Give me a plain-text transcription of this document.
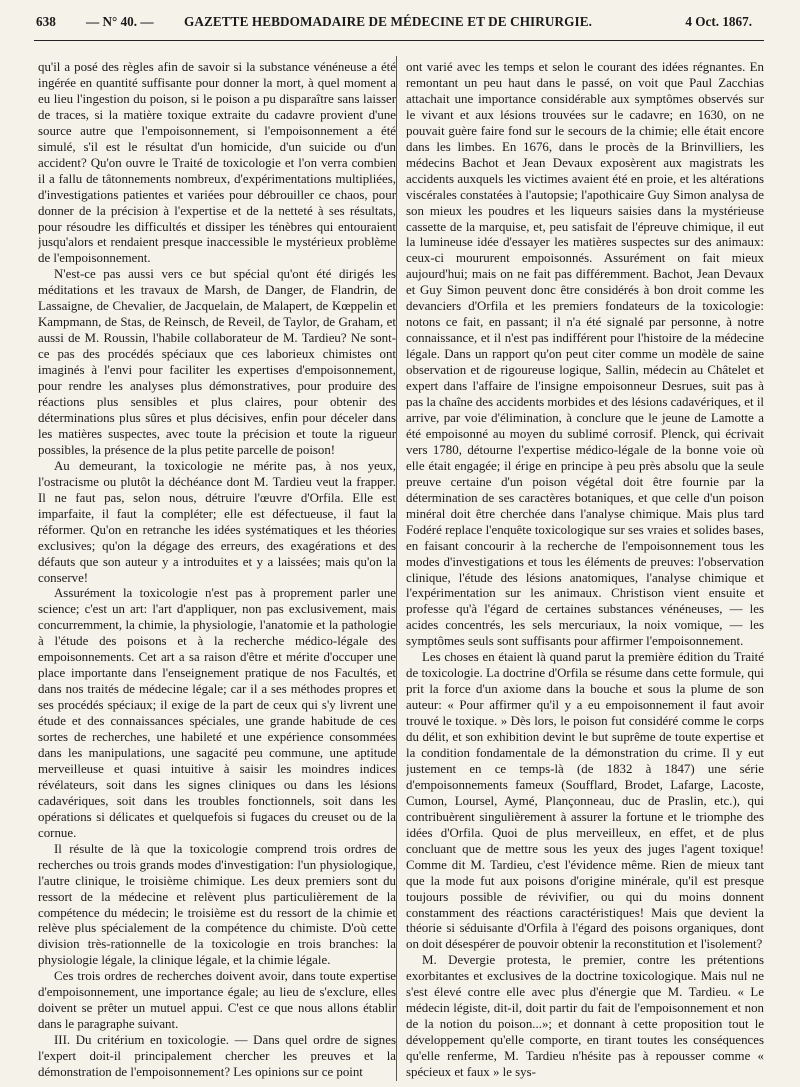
638 — N° 40. — GAZETTE HEBDOMADAIRE DE MÉDECINE ET DE CHIRURGIE.	4 Oct. 1867.

qu'il a posé des règles afin de savoir si la substance vénéneuse a été ingérée en quantité suffisante pour donner la mort, à quel moment a eu lieu l'ingestion du poison, si le poison a pu disparaître sans laisser de traces, si la matière toxique extraite du cadavre provient d'une source autre que l'empoisonnement, si l'empoisonnement a été simulé, s'il est le résultat d'un homicide, d'un suicide ou d'un accident? Qu'on ouvre le Traité de toxicologie et l'on verra combien il a fallu de tâtonnements nombreux, d'expérimentations multipliées, d'investigations patientes et variées pour débrouiller ce chaos, pour donner de la précision à l'expertise et de la netteté à ses résultats, pour résoudre les difficultés et dissiper les ténèbres qui entouraient jusqu'alors et rendaient presque inaccessible le mystérieux problème de l'empoisonnement.

N'est-ce pas aussi vers ce but spécial qu'ont été dirigés les méditations et les travaux de Marsh, de Danger, de Flandrin, de Lassaigne, de Chevalier, de Jacquelain, de Malapert, de Kœppelin et Kampmann, de Stas, de Reinsch, de Reveil, de Taylor, de Graham, et aussi de M. Roussin, l'habile collaborateur de M. Tardieu? Ne sont-ce pas des procédés spéciaux que ces laborieux chimistes ont imaginés à l'envi pour faciliter les expertises d'empoisonnement, pour rendre les analyses plus démonstratives, pour produire des réactions plus sensibles et plus claires, pour obtenir des déterminations plus sûres et plus décisives, enfin pour déceler dans les matières suspectes, avec toute la précision et toute la rigueur possibles, la présence de la plus petite parcelle de poison!

Au demeurant, la toxicologie ne mérite pas, à nos yeux, l'ostracisme ou plutôt la déchéance dont M. Tardieu veut la frapper. Il ne faut pas, selon nous, détruire l'œuvre d'Orfila. Elle est imparfaite, il faut la compléter; elle est défectueuse, il faut la réformer. Qu'on en retranche les idées systématiques et les théories exclusives; qu'on la dégage des erreurs, des exagérations et des défauts que son auteur y a introduites et y a laissées; mais qu'on la conserve!

Assurément la toxicologie n'est pas à proprement parler une science; c'est un art: l'art d'appliquer, non pas exclusivement, mais concurremment, la chimie, la physiologie, l'anatomie et la pathologie à l'étude des poisons et à la recherche médico-légale des empoisonnements. Cet art a sa raison d'être et mérite d'occuper une place importante dans l'enseignement pratique de nos Facultés, et dans nos traités de médecine légale; car il a ses méthodes propres et ses procédés spéciaux; il exige de la part de ceux qui s'y livrent une étude et des connaissances spéciales, une grande habitude de ces sortes de recherches, une habileté et une expérience consommées dans les manipulations, une sagacité peu commune, une aptitude merveilleuse et quasi intuitive à saisir les moindres indices révélateurs, soit dans les signes cliniques ou dans les lésions cadavériques, soit dans les troubles fonctionnels, soit dans les opérations si délicates et quelquefois si fugaces du creuset ou de la cornue.

Il résulte de là que la toxicologie comprend trois ordres de recherches ou trois grands modes d'investigation: l'un physiologique, l'autre clinique, le troisième chimique. Les deux premiers sont du ressort de la médecine et relèvent plus particulièrement de la compétence du médecin; le troisième est du ressort de la chimie et relève plus spécialement de la compétence du chimiste. D'où cette division très-rationnelle de la toxicologie en trois branches: la physiologie légale, la clinique légale, et la chimie légale.

Ces trois ordres de recherches doivent avoir, dans toute expertise d'empoisonnement, une importance égale; au lieu de s'exclure, elles doivent se prêter un mutuel appui. C'est ce que nous allons établir dans le paragraphe suivant.

III. Du critérium en toxicologie. — Dans quel ordre de signes l'expert doit-il principalement chercher les preuves et la démonstration de l'empoisonnement? Les opinions sur ce point

ont varié avec les temps et selon le courant des idées régnantes. En remontant un peu haut dans le passé, on voit que Paul Zacchias attachait une importance considérable aux symptômes observés sur le vivant et aux lésions trouvées sur le cadavre; en 1630, on ne pouvait guère faire fond sur le secours de la chimie; elle était encore dans les limbes. En 1676, dans le procès de la Brinvilliers, les médecins Bachot et Jean Devaux exposèrent aux magistrats les accidents auxquels les victimes avaient été en proie, et les altérations viscérales constatées à l'autopsie; l'apothicaire Guy Simon analysa de son mieux les poudres et les liqueurs saisies dans la mystérieuse cassette de la marquise, et, peu satisfait de l'épreuve chimique, il eut la lumineuse idée d'essayer les matières suspectes sur des animaux: ceux-ci moururent empoisonnés. Assurément on fait mieux aujourd'hui; mais on ne fait pas différemment. Bachot, Jean Devaux et Guy Simon peuvent donc être considérés à bon droit comme les devanciers d'Orfila et les premiers fondateurs de la toxicologie: notons ce fait, en passant; il n'a été signalé par personne, à notre connaissance, et il n'est pas indifférent pour l'histoire de la médecine légale. Dans un rapport qu'on peut citer comme un modèle de saine observation et de rigoureuse logique, Sallin, médecin au Châtelet et expert dans l'affaire de l'insigne empoisonneur Desrues, suit pas à pas la chaîne des accidents morbides et des lésions cadavériques, et il arrive, par voie d'élimination, à conclure que le jeune de Lamotte a été empoisonné au moyen du sublimé corrosif. Plenck, qui écrivait vers 1780, détourne l'expertise médico-légale de la bonne voie où elle était engagée; il érige en principe à peu près absolu que la seule preuve certaine d'un poison végétal doit être fournie par la détermination de ses caractères botaniques, et que celle d'un poison minéral doit être cherchée dans l'analyse chimique. Mais plus tard Fodéré replace l'enquête toxicologique sur ses vraies et solides bases, en faisant concourir à la recherche de l'empoisonnement tous les modes d'investigations et tous les éléments de preuves: l'observation clinique, l'étude des lésions anatomiques, l'analyse chimique et l'expérimentation sur les animaux. Christison vient ensuite et professe qu'à l'égard de certaines substances vénéneuses, — les acides concentrés, les sels mercuriaux, la noix vomique, — les symptômes seuls sont suffisants pour affirmer l'empoisonnement.

Les choses en étaient là quand parut la première édition du Traité de toxicologie. La doctrine d'Orfila se résume dans cette formule, qui prit la force d'un axiome dans la bouche et sous la plume de son auteur: « Pour affirmer qu'il y a eu empoisonnement il faut avoir trouvé le toxique. » Dès lors, le poison fut considéré comme le corps du délit, et son exhibition devint le but suprême de toute expertise et la condition fondamentale de la démonstration du crime. Il y eut justement en ce temps-là (de 1832 à 1847) une série d'empoisonnements fameux (Soufflard, Brodet, Lafarge, Lacoste, Cumon, Loursel, Aymé, Plançonneau, duc de Praslin, etc.), qui contribuèrent singulièrement à assurer la fortune et le triomphe des idées d'Orfila. Quoi de plus merveilleux, en effet, et de plus concluant que de mettre sous les yeux des juges l'agent toxique! Comme dit M. Tardieu, c'est l'évidence même. Rien de mieux tant que la mode fut aux poisons d'origine minérale, qu'il est presque toujours possible de révivifier, ou qui du moins donnent constamment des réactions caractéristiques! Mais que devient la théorie si séduisante d'Orfila à l'égard des poisons organiques, dont on doit désespérer de pouvoir obtenir la reconstitution et l'isolement?

M. Devergie protesta, le premier, contre les prétentions exorbitantes et exclusives de la doctrine toxicologique. Mais nul ne s'est élevé contre elle avec plus d'énergie que M. Tardieu. « Le médecin légiste, dit-il, doit partir du fait de l'empoisonnement et non de la notion du poison...»; et donnant à cette proposition tout le développement qu'elle comporte, en tirant toutes les conséquences qu'elle renferme, M. Tardieu n'hésite pas à repousser comme « spécieux et faux » le sys-
